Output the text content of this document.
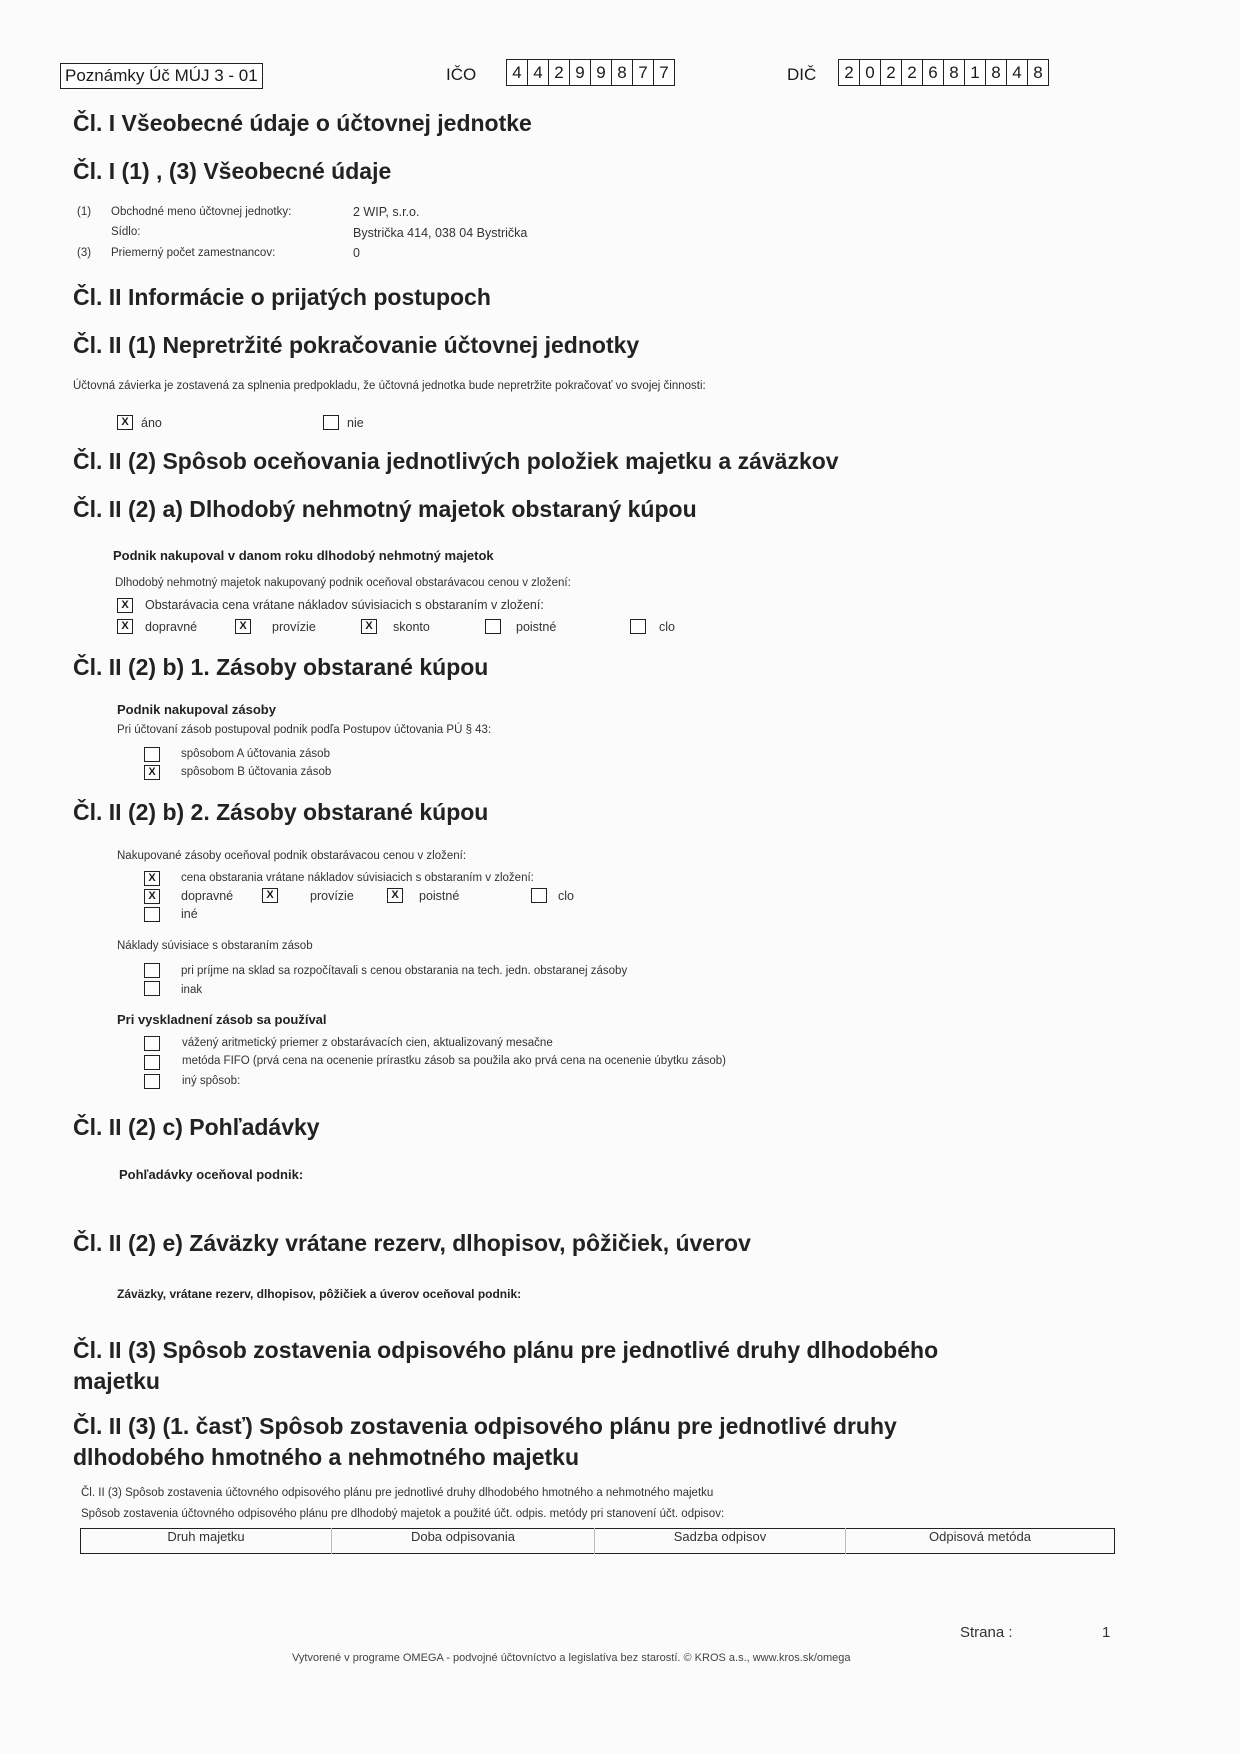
Poznámky Úč MÚJ 3 - 01	IČO	4 4 2 9 9 8 7 7	DIČ	2 0 2 2 6 8 1 8 4 8
Čl. I Všeobecné údaje o účtovnej jednotke
Čl. I (1) , (3) Všeobecné údaje
(1) Obchodné meno účtovnej jednotky:	2 WIP, s.r.o.
Sídlo:	Bystrička 414, 038 04 Bystrička
(3) Priemerný počet zamestnancov:	0
Čl. II Informácie o prijatých postupoch
Čl. II (1) Nepretržité pokračovanie účtovnej jednotky
Účtovná závierka je zostavená za splnenia predpokladu, že účtovná jednotka bude nepretržite pokračovať vo svojej činnosti:
X áno	nie
Čl. II (2) Spôsob oceňovania jednotlivých položiek majetku a záväzkov
Čl. II (2) a) Dlhodobý nehmotný majetok obstaraný kúpou
Podnik nakupoval v danom roku dlhodobý nehmotný majetok
Dlhodobý nehmotný majetok nakupovaný podnik oceňoval obstarávacou cenou v zložení:
X	Obstarávacia cena vrátane nákladov súvisiacich s obstaraním v zložení:
X	dopravné	X	provízie	X	skonto	poistné	clo
Čl. II (2) b) 1. Zásoby obstarané kúpou
Podnik nakupoval zásoby
Pri účtovaní zásob postupoval podnik podľa Postupov účtovania PÚ § 43:
spôsobom A účtovania zásob
X	spôsobom B účtovania zásob
Čl. II (2) b) 2. Zásoby obstarané kúpou
Nakupované zásoby oceňoval podnik obstarávacou cenou v zložení:
X	cena obstarania vrátane nákladov súvisiacich s obstaraním v zložení:
X	dopravné	X	provízie	X	poistné	clo
iné
Náklady súvisiace s obstaraním zásob
pri príjme na sklad sa rozpočítavali s cenou obstarania na tech. jedn. obstaranej zásoby
inak
Pri vyskladnení zásob sa používal
vážený aritmetický priemer z obstarávacích cien, aktualizovaný mesačne
metóda FIFO (prvá cena na ocenenie prírastku zásob sa použila ako prvá cena na ocenenie úbytku zásob)
iný spôsob:
Čl. II (2) c) Pohľadávky
Pohľadávky oceňoval podnik:
Čl. II (2) e) Záväzky vrátane rezerv, dlhopisov, pôžičiek, úverov
Záväzky, vrátane rezerv, dlhopisov, pôžičiek a úverov oceňoval podnik:
Čl. II (3) Spôsob zostavenia odpisového plánu pre jednotlivé druhy dlhodobého majetku
Čl. II (3) (1. časť) Spôsob zostavenia odpisového plánu pre jednotlivé druhy dlhodobého hmotného a nehmotného majetku
Čl. II (3) Spôsob zostavenia účtovného odpisového plánu pre jednotlivé druhy dlhodobého hmotného a nehmotného majetku
Spôsob zostavenia účtovného odpisového plánu pre dlhodobý majetok a použité účt. odpis. metódy pri stanovení účt. odpisov:
Druh majetku	Doba odpisovania	Sadzba odpisov	Odpisová metóda
Strana :	1
Vytvorené v programe OMEGA - podvojné účtovníctvo a legislatíva bez starostí. © KROS a.s., www.kros.sk/omega
